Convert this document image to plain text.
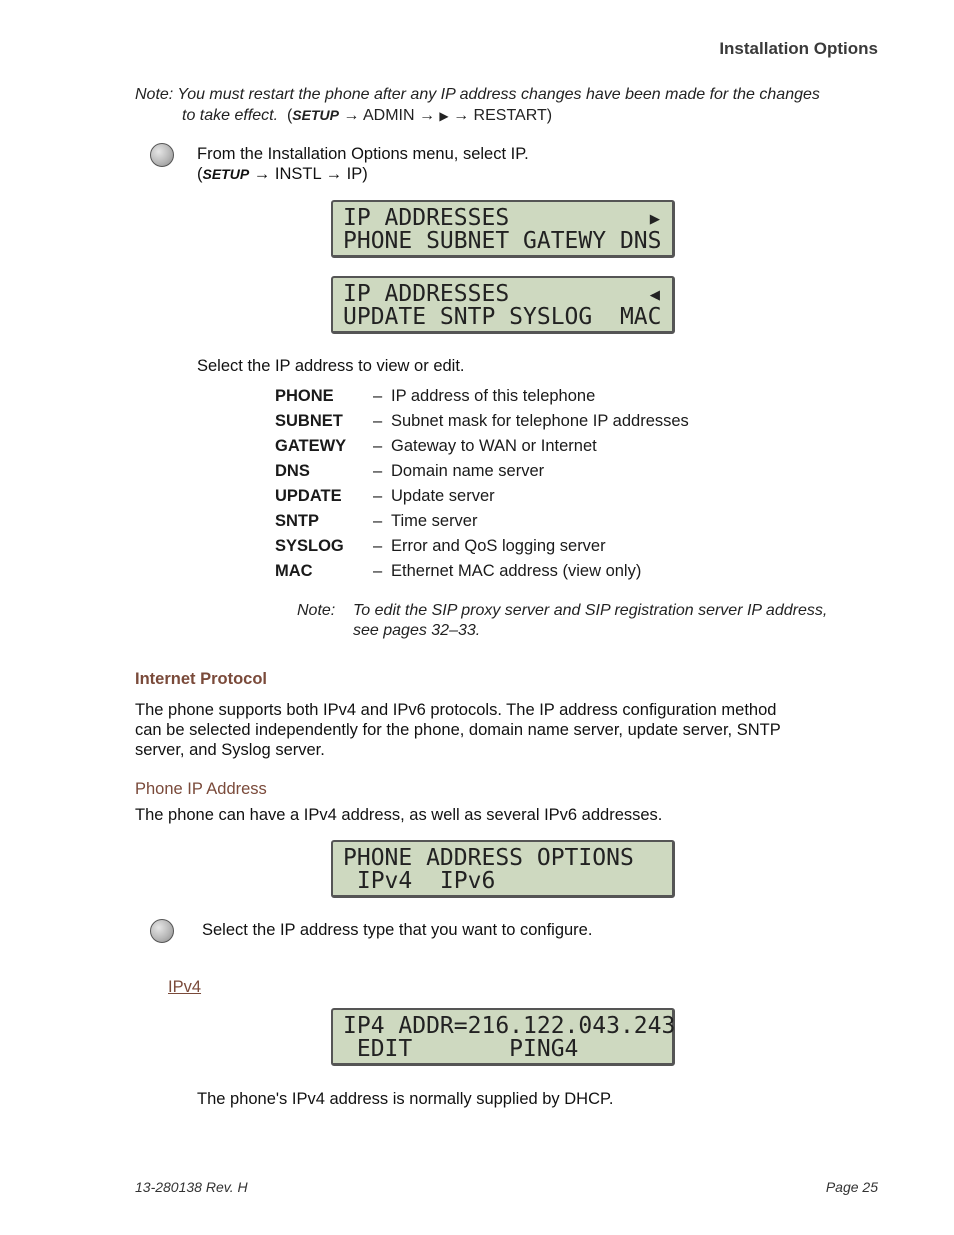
Installation Options
Note: You must restart the phone after any IP address changes have been made for the changes
to take effect. (SETUP → ADMIN → ▶ → RESTART)
From the Installation Options menu, select IP.
(SETUP → INSTL → IP)
IP ADDRESSES
PHONE SUBNET GATEWY DNS
▶
IP ADDRESSES
UPDATE SNTP SYSLOG  MAC
◀
Select the IP address to view or edit.
PHONE	– IP address of this telephone
SUBNET	– Subnet mask for telephone IP addresses
GATEWY	– Gateway to WAN or Internet
DNS	– Domain name server
UPDATE	– Update server
SNTP	– Time server
SYSLOG	– Error and QoS logging server
MAC	– Ethernet MAC address (view only)
Note: To edit the SIP proxy server and SIP registration server IP address,
see pages 32–33.
Internet Protocol
The phone supports both IPv4 and IPv6 protocols. The IP address configuration method
can be selected independently for the phone, domain name server, update server, SNTP
server, and Syslog server.
Phone IP Address
The phone can have a IPv4 address, as well as several IPv6 addresses.
PHONE ADDRESS OPTIONS
IPv4  IPv6
Select the IP address type that you want to configure.
IPv4
IP4 ADDR=216.122.043.243
EDIT       PING4
The phone's IPv4 address is normally supplied by DHCP.
13-280138 Rev. H	Page 25
